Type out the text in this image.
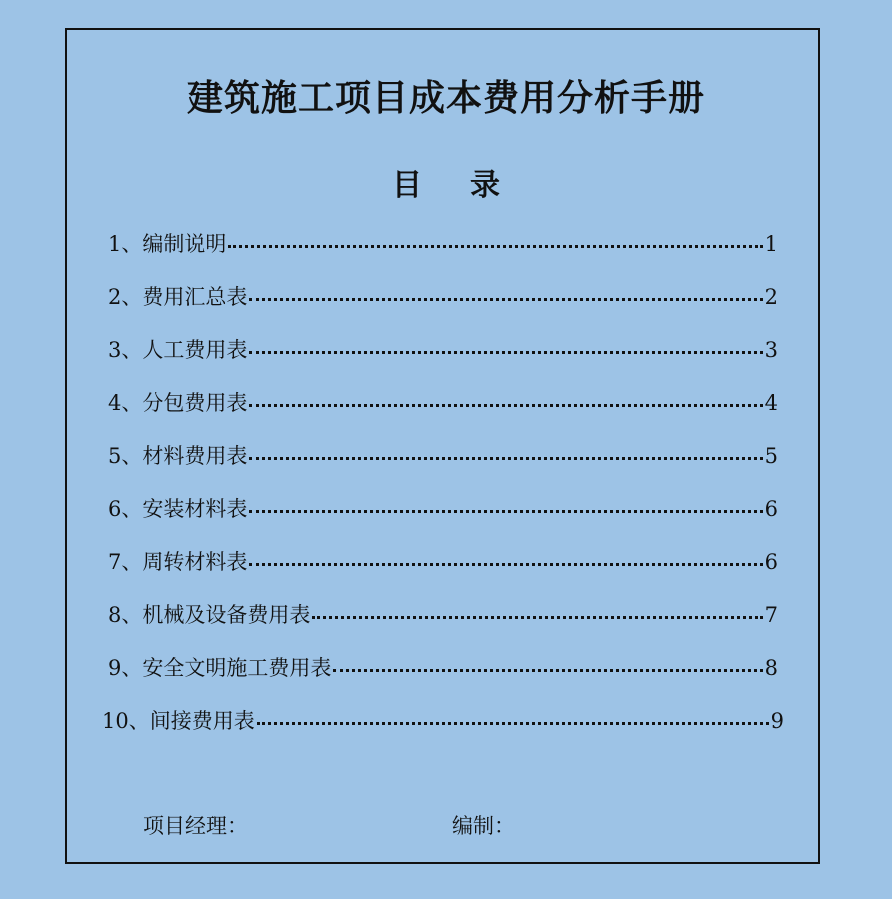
建筑施工项目成本费用分析手册
目 录
1、编制说明	1
2、费用汇总表	2
3、人工费用表	3
4、分包费用表	4
5、材料费用表	5
6、安装材料表	6
7、周转材料表	6
8、机械及设备费用表	7
9、安全文明施工费用表	8
10、间接费用表	9
项目经理：	编制：
